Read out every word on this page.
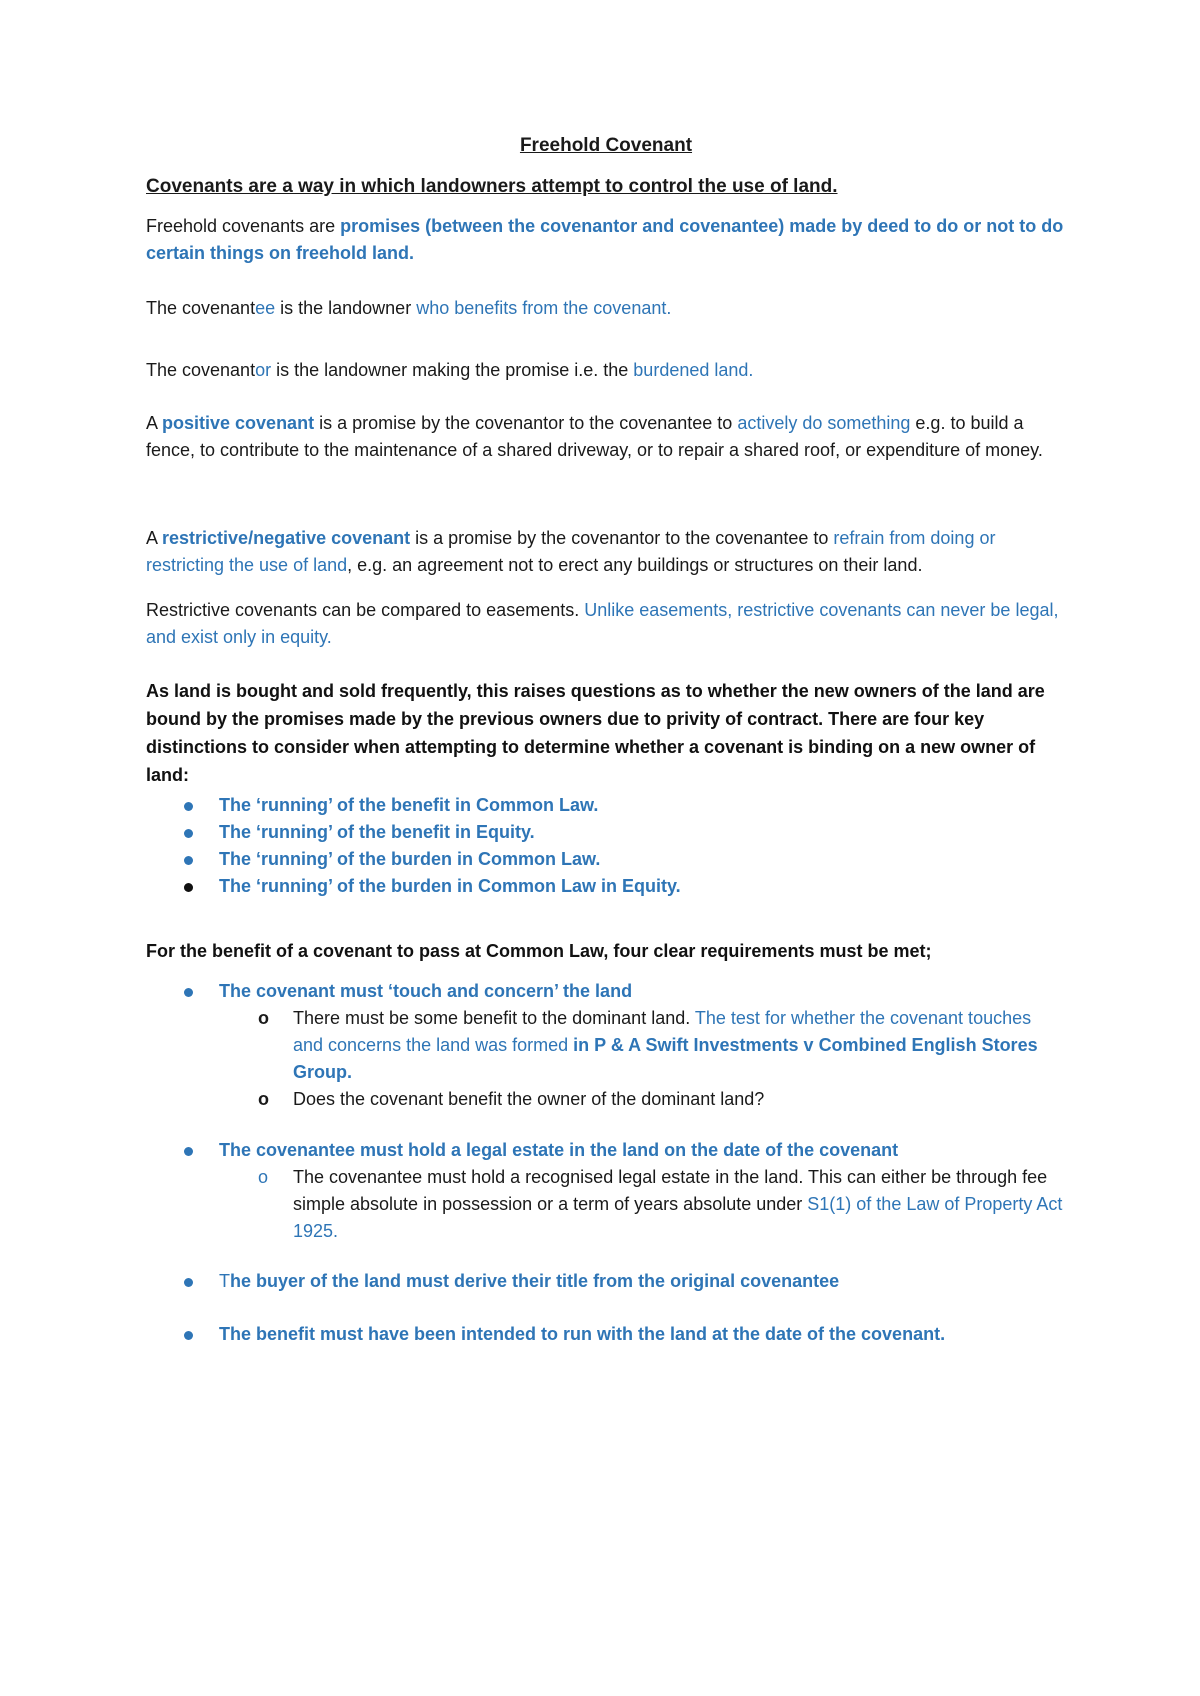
Freehold Covenant
Covenants are a way in which landowners attempt to control the use of land.
Freehold covenants are promises (between the covenantor and covenantee) made by deed to do or not to do certain things on freehold land.
The covenantee is the landowner who benefits from the covenant.
The covenantor is the landowner making the promise i.e. the burdened land.
A positive covenant is a promise by the covenantor to the covenantee to actively do something e.g. to build a fence, to contribute to the maintenance of a shared driveway, or to repair a shared roof, or expenditure of money.
A restrictive/negative covenant is a promise by the covenantor to the covenantee to refrain from doing or restricting the use of land, e.g. an agreement not to erect any buildings or structures on their land.
Restrictive covenants can be compared to easements. Unlike easements, restrictive covenants can never be legal, and exist only in equity.
As land is bought and sold frequently, this raises questions as to whether the new owners of the land are bound by the promises made by the previous owners due to privity of contract. There are four key distinctions to consider when attempting to determine whether a covenant is binding on a new owner of land:
The ‘running’ of the benefit in Common Law.
The ‘running’ of the benefit in Equity.
The ‘running’ of the burden in Common Law.
The ‘running’ of the burden in Common Law in Equity.
For the benefit of a covenant to pass at Common Law, four clear requirements must be met;
The covenant must ‘touch and concern’ the land
o There must be some benefit to the dominant land. The test for whether the covenant touches and concerns the land was formed in P & A Swift Investments v Combined English Stores Group.
o Does the covenant benefit the owner of the dominant land?
The covenantee must hold a legal estate in the land on the date of the covenant
o The covenantee must hold a recognised legal estate in the land. This can either be through fee simple absolute in possession or a term of years absolute under S1(1) of the Law of Property Act 1925.
The buyer of the land must derive their title from the original covenantee
The benefit must have been intended to run with the land at the date of the covenant.
